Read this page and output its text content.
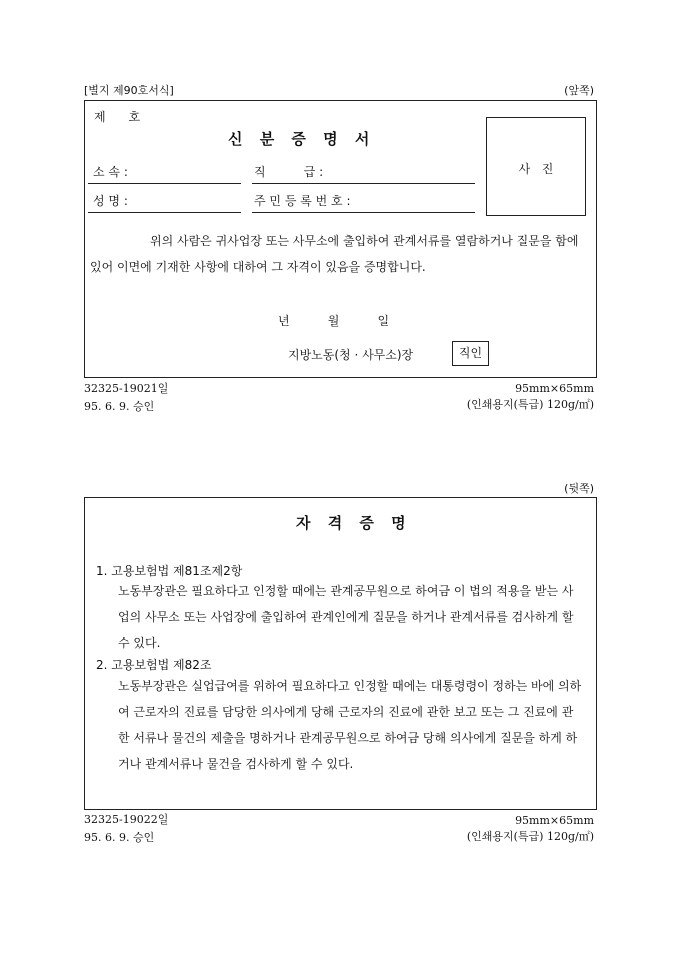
[별지 제90호서식]	(앞쪽)
제      호
신 분 증 명 서
소 속 :	직          급 :
성 명 :	주 민 등 록 번 호 :
사   진
위의 사람은 귀사업장 또는 사무소에 출입하여 관계서류를 열람하거나 질문을 함에 있어 이면에 기재한 사항에 대하여 그 자격이 있음을 증명합니다.
년          월          일
지방노동(청 · 사무소)장	직인
32325-19021일
95. 6. 9. 승인
95mm×65mm
(인쇄용지(특급) 120g/㎡)
(뒷쪽)
자 격 증 명
1. 고용보험법 제81조제2항
노동부장관은 필요하다고 인정할 때에는 관계공무원으로 하여금 이 법의 적용을 받는 사업의 사무소 또는 사업장에 출입하여 관계인에게 질문을 하거나 관계서류를 검사하게 할 수 있다.
2. 고용보험법 제82조
노동부장관은 실업급여를 위하여 필요하다고 인정할 때에는 대통령령이 정하는 바에 의하여 근로자의 진료를 담당한 의사에게 당해 근로자의 진료에 관한 보고 또는 그 진료에 관한 서류나 물건의 제출을 명하거나 관계공무원으로 하여금 당해 의사에게 질문을 하게 하거나 관계서류나 물건을 검사하게 할 수 있다.
32325-19022일
95. 6. 9. 승인
95mm×65mm
(인쇄용지(특급) 120g/㎡)
